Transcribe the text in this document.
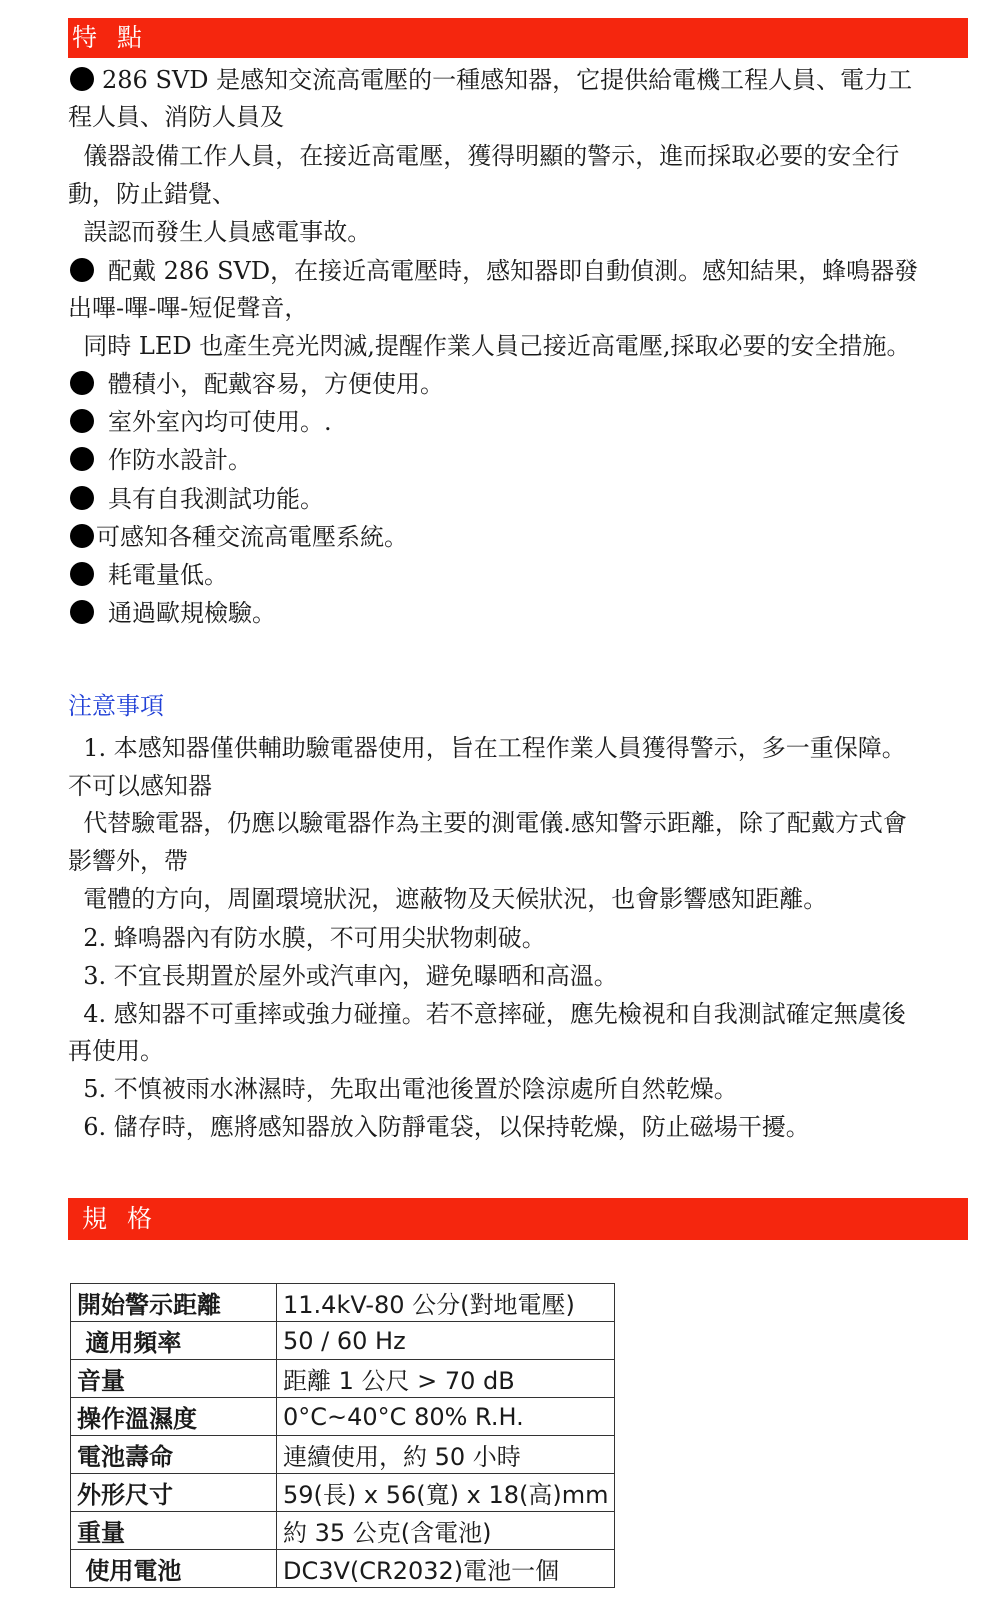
特 點
286 SVD 是感知交流高電壓的一種感知器，它提供給電機工程人員、電力工
程人員、消防人員及
儀器設備工作人員，在接近高電壓，獲得明顯的警示，進而採取必要的安全行
動，防止錯覺、
誤認而發生人員感電事故。
配戴 286 SVD，在接近高電壓時，感知器即自動偵測。感知結果，蜂鳴器發
出嗶-嗶-嗶-短促聲音，
同時 LED 也產生亮光閃滅,提醒作業人員己接近高電壓,採取必要的安全措施。
體積小，配戴容易，方便使用。
室外室內均可使用。.
作防水設計。
具有自我測試功能。
可感知各種交流高電壓系統。
耗電量低。
通過歐規檢驗。
注意事項
1. 本感知器僅供輔助驗電器使用，旨在工程作業人員獲得警示，多一重保障。
不可以感知器
代替驗電器，仍應以驗電器作為主要的測電儀.感知警示距離，除了配戴方式會
影響外，帶
電體的方向，周圍環境狀況，遮蔽物及天候狀況，也會影響感知距離。
2. 蜂鳴器內有防水膜，不可用尖狀物刺破。
3. 不宜長期置於屋外或汽車內，避免曝晒和高溫。
4. 感知器不可重摔或強力碰撞。若不意摔碰，應先檢視和自我測試確定無虞後
再使用。
5. 不慎被雨水淋濕時，先取出電池後置於陰涼處所自然乾燥。
6. 儲存時，應將感知器放入防靜電袋，以保持乾燥，防止磁場干擾。
規 格
開始警示距離	11.4kV-80 公分(對地電壓)
適用頻率	50 / 60 Hz
音量	距離 1 公尺 > 70 dB
操作溫濕度	0°C~40°C 80% R.H.
電池壽命	連續使用，約 50 小時
外形尺寸	59(長) x 56(寬) x 18(高)mm
重量	約 35 公克(含電池)
使用電池	DC3V(CR2032)電池一個
